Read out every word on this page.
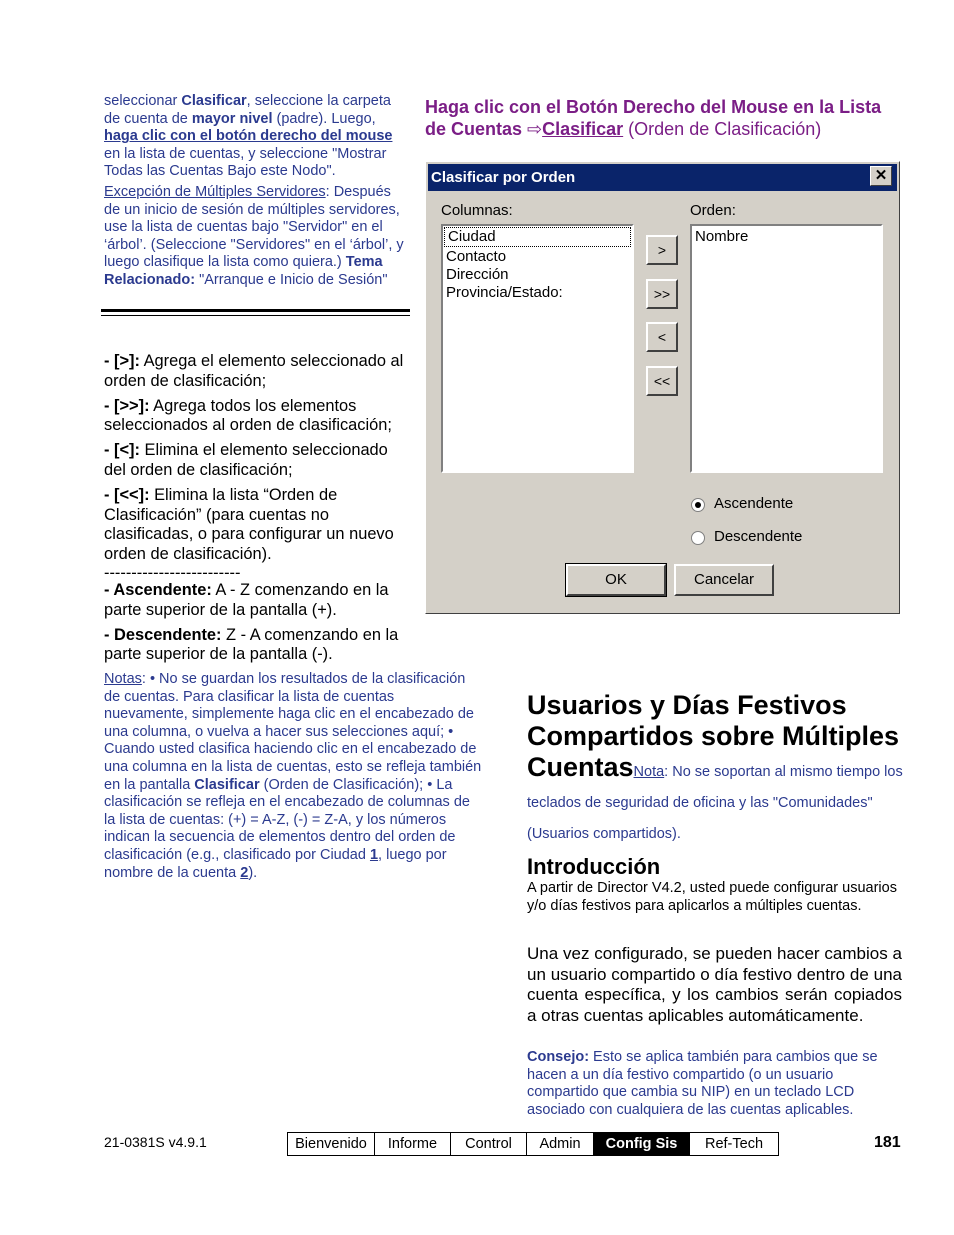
seleccionar Clasificar, seleccione la carpeta de cuenta de mayor nivel (padre). Luego, haga clic con el botón derecho del mouse en la lista de cuentas, y seleccione "Mostrar Todas las Cuentas Bajo este Nodo".
Excepción de Múltiples Servidores: Después de un inicio de sesión de múltiples servidores, use la lista de cuentas bajo "Servidor" en el ‘árbol’. (Seleccione "Servidores" en el ‘árbol’, y luego clasifique la lista como quiera.) Tema Relacionado: "Arranque e Inicio de Sesión"

- [>]: Agrega el elemento seleccionado al orden de clasificación;

- [>>]: Agrega todos los elementos seleccionados al orden de clasificación;

- [<]: Elimina el elemento seleccionado del orden de clasificación;

- [<<]: Elimina la lista “Orden de Clasificación” (para cuentas no clasificadas, o para configurar un nuevo orden de clasificación).

-------------------------

- Ascendente: A - Z comenzando en la parte superior de la pantalla (+).

- Descendente: Z - A comenzando en la parte superior de la pantalla (-).

Notas: • No se guardan los resultados de la clasificación de cuentas. Para clasificar la lista de cuentas nuevamente, simplemente haga clic en el encabezado de una columna, o vuelva a hacer sus selecciones aquí; • Cuando usted clasifica haciendo clic en el encabezado de una columna en la lista de cuentas, esto se refleja también en la pantalla Clasificar (Orden de Clasificación); • La clasificación se refleja en el encabezado de columnas de la lista de cuentas: (+) = A-Z, (-) = Z-A, y los números indican la secuencia de elementos dentro del orden de clasificación (e.g., clasificado por Ciudad 1, luego por nombre de la cuenta 2).
Haga clic con el Botón Derecho del Mouse en la Lista de Cuentas ⇨Clasificar (Orden de Clasificación)
Clasificar por Orden	✕
Columnas:	Orden:
Ciudad
Contacto
Dirección
Provincia/Estado:
Nombre
>
>>
<
<<
Ascendente
Descendente
OK	Cancelar
Usuarios y Días Festivos Compartidos sobre Múltiples CuentasNota: No se soportan al mismo tiempo los teclados de seguridad de oficina y las "Comunidades" (Usuarios compartidos).
Introducción
A partir de Director V4.2, usted puede configurar usuarios y/o días festivos para aplicarlos a múltiples cuentas.
Una vez configurado, se pueden hacer cambios a un usuario compartido o día festivo dentro de una cuenta específica, y los cambios serán copiados a otras cuentas aplicables automáticamente.
Consejo: Esto se aplica también para cambios que se hacen a un día festivo compartido (o un usuario compartido que cambia su NIP) en un teclado LCD asociado con cualquiera de las cuentas aplicables.
21-0381S v4.9.1	Bienvenido	Informe	Control	Admin	Config Sis	Ref-Tech	181
